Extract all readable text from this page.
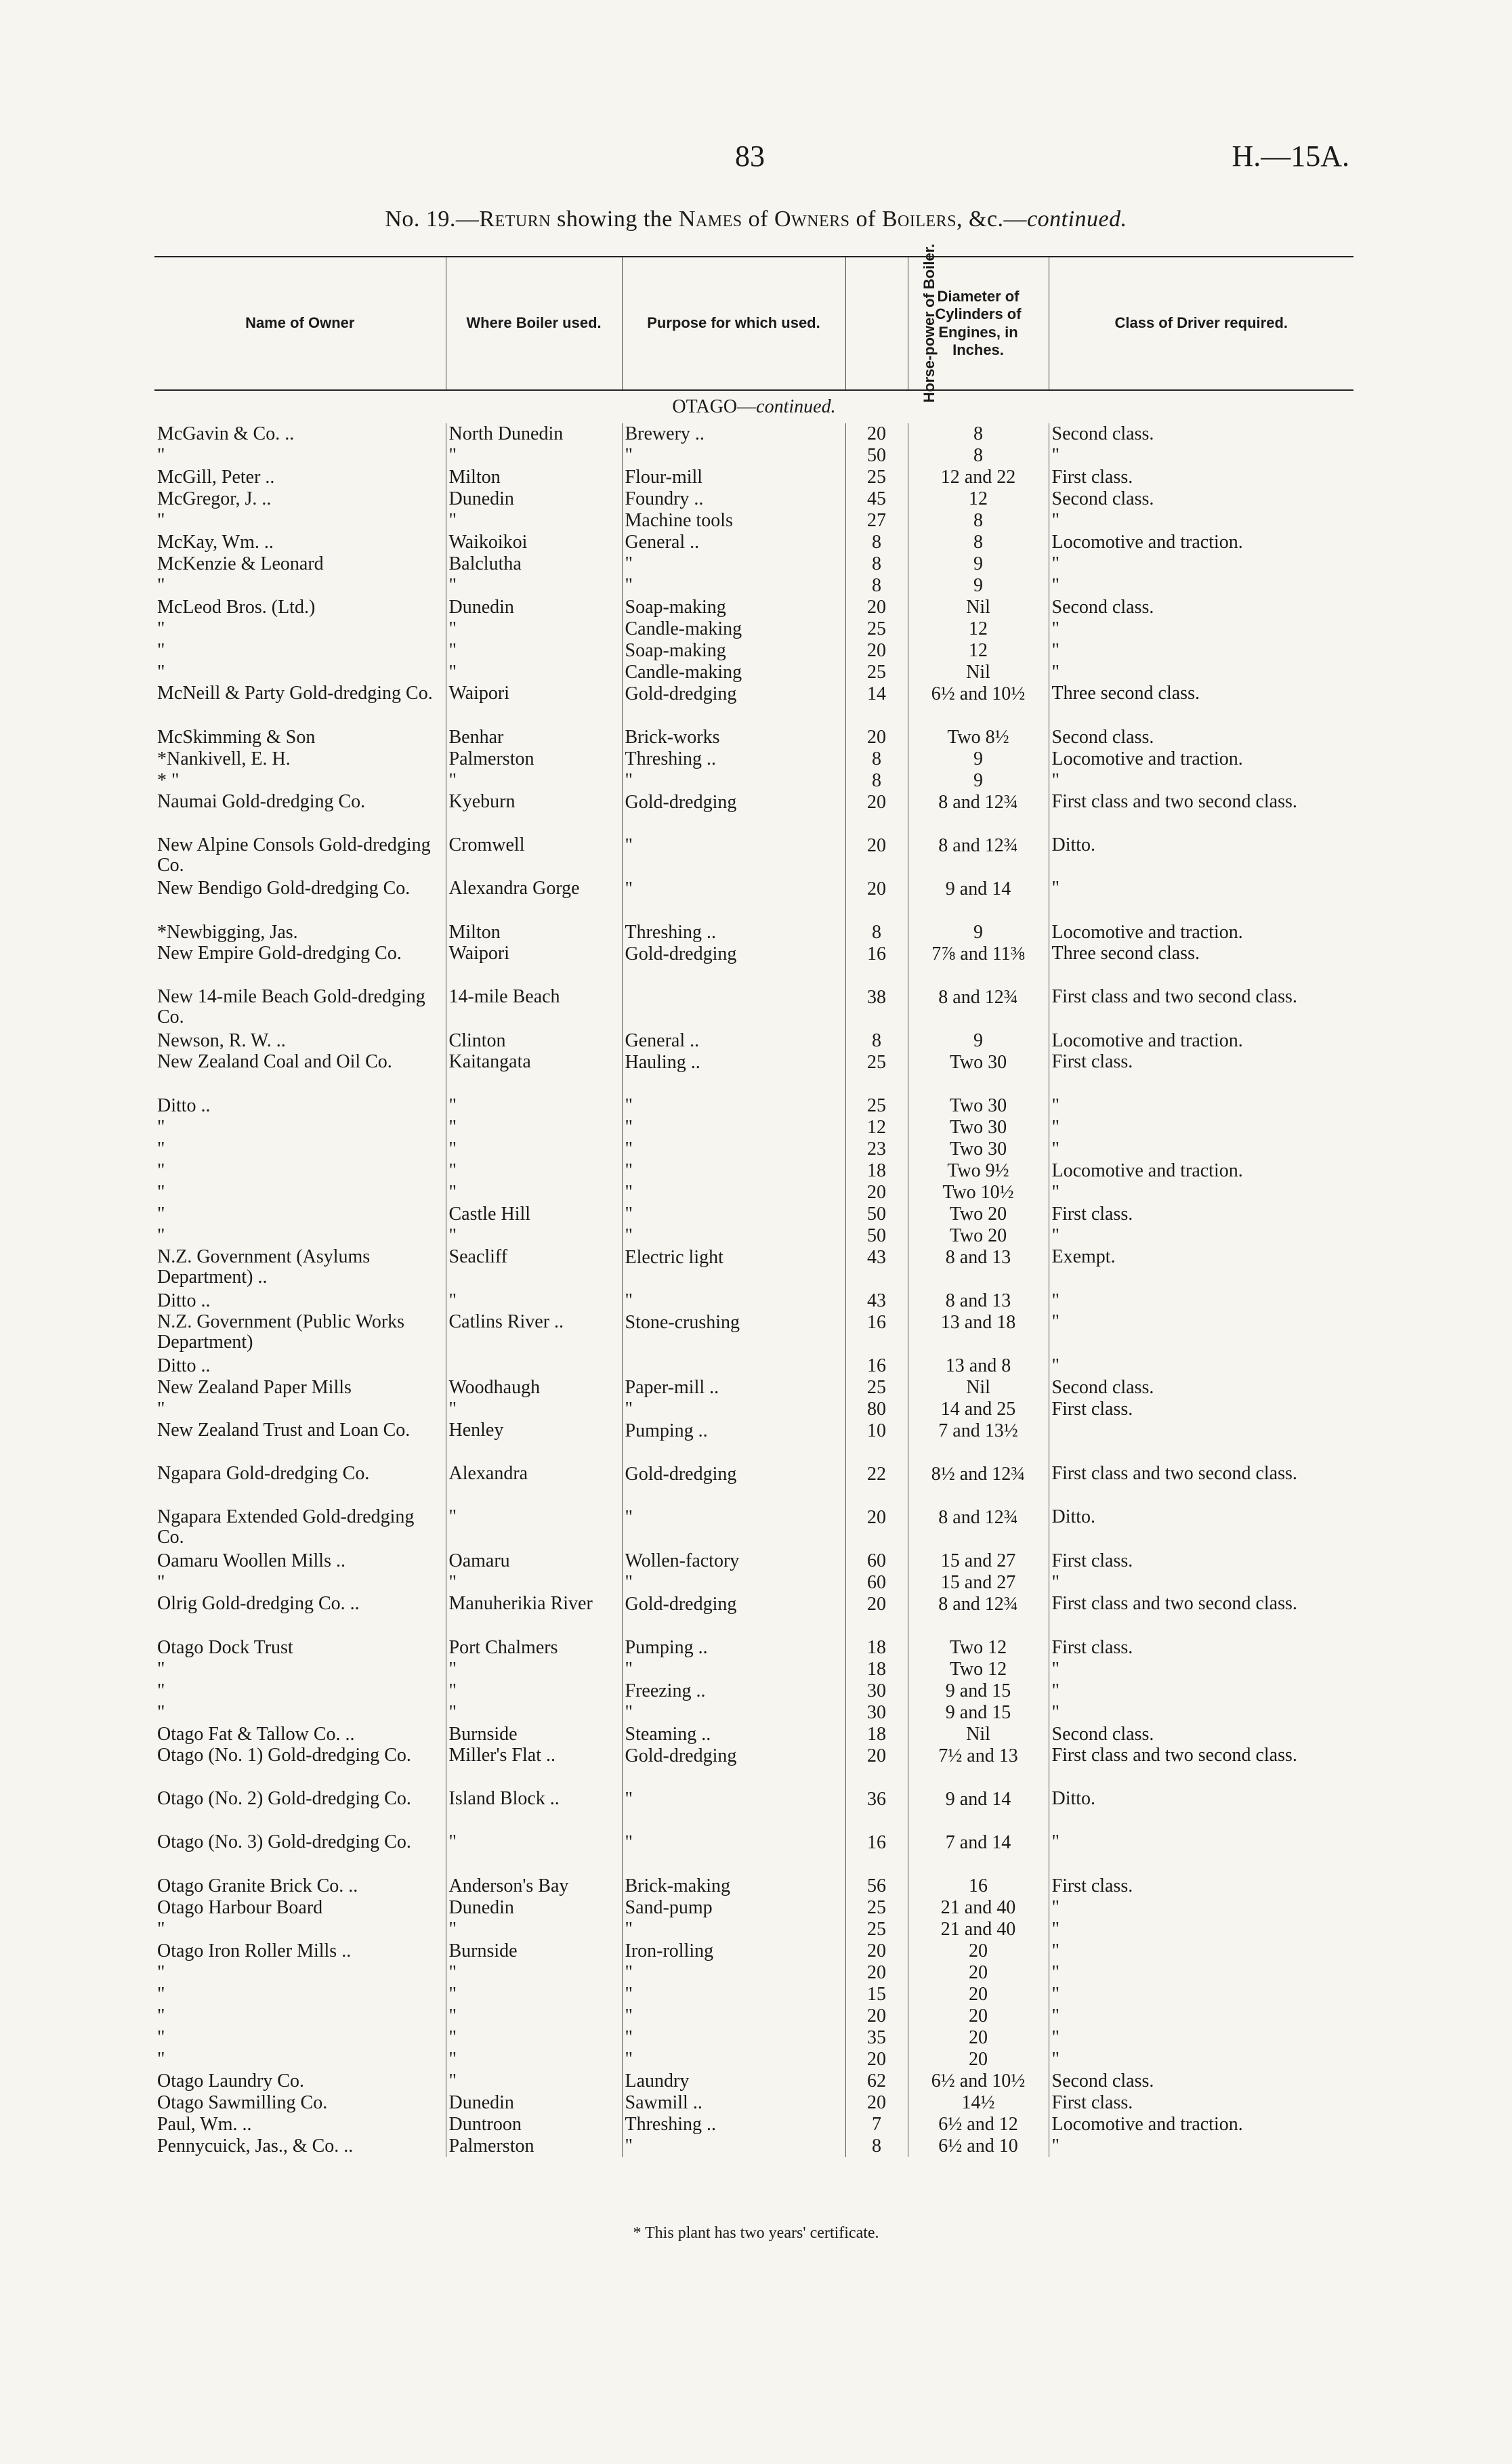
83	H.—15A.
No. 19.—Return showing the Names of Owners of Boilers, &c.—continued.
Name of Owner	Where Boiler used.	Purpose for which used.	Horse-power of Boiler.	Diameter of Cylinders of Engines, in Inches.	Class of Driver required.
OTAGO—continued.					
McGavin & Co. ..	North Dunedin	Brewery ..	20	8	Second class.
"	"	"	50	8	"
McGill, Peter ..	Milton	Flour-mill	25	12 and 22	First class.
McGregor, J. ..	Dunedin	Foundry ..	45	12	Second class.
"	"	Machine tools	27	8	"
McKay, Wm. ..	Waikoikoi	General ..	8	8	Locomotive and traction.
McKenzie & Leonard	Balclutha	"	8	9	"
"	"	"	8	9	"
McLeod Bros. (Ltd.)	Dunedin	Soap-making	20	Nil	Second class.
"	"	Candle-making	25	12	"
"	"	Soap-making	20	12	"
"	"	Candle-making	25	Nil	"
McNeill & Party Gold-dredging Co.	Waipori	Gold-dredging	14	6½ and 10½	Three second class.
McSkimming & Son	Benhar	Brick-works	20	Two 8½	Second class.
*Nankivell, E. H.	Palmerston	Threshing ..	8	9	Locomotive and traction.
* "	"	"	8	9	"
Naumai Gold-dredging Co.	Kyeburn	Gold-dredging	20	8 and 12¾	First class and two second class.
New Alpine Consols Gold-dredging Co.	Cromwell	"	20	8 and 12¾	Ditto.
New Bendigo Gold-dredging Co.	Alexandra Gorge	"	20	9 and 14	"
*Newbigging, Jas.	Milton	Threshing ..	8	9	Locomotive and traction.
New Empire Gold-dredging Co.	Waipori	Gold-dredging	16	7⅞ and 11⅜	Three second class.
New 14-mile Beach Gold-dredging Co.	14-mile Beach		38	8 and 12¾	First class and two second class.
Newson, R. W. ..	Clinton	General ..	8	9	Locomotive and traction.
New Zealand Coal and Oil Co.	Kaitangata	Hauling ..	25	Two 30	First class.
Ditto ..	"	"	25	Two 30	"
"	"	"	12	Two 30	"
"	"	"	23	Two 30	"
"	"	"	18	Two 9½	Locomotive and traction.
"	"	"	20	Two 10½	"
"	Castle Hill	"	50	Two 20	First class.
"	"	"	50	Two 20	"
N.Z. Government (Asylums Department) ..	Seacliff	Electric light	43	8 and 13	Exempt.
Ditto ..	"	"	43	8 and 13	"
N.Z. Government (Public Works Department)	Catlins River ..	Stone-crushing	16	13 and 18	"
Ditto ..			16	13 and 8	"
New Zealand Paper Mills	Woodhaugh	Paper-mill ..	25	Nil	Second class.
"	"	"	80	14 and 25	First class.
New Zealand Trust and Loan Co.	Henley	Pumping ..	10	7 and 13½	
Ngapara Gold-dredging Co.	Alexandra	Gold-dredging	22	8½ and 12¾	First class and two second class.
Ngapara Extended Gold-dredging Co.	"	"	20	8 and 12¾	Ditto.
Oamaru Woollen Mills ..	Oamaru	Wollen-factory	60	15 and 27	First class.
"	"	"	60	15 and 27	"
Olrig Gold-dredging Co. ..	Manuherikia River	Gold-dredging	20	8 and 12¾	First class and two second class.
Otago Dock Trust	Port Chalmers	Pumping ..	18	Two 12	First class.
"	"	"	18	Two 12	"
"	"	Freezing ..	30	9 and 15	"
"	"	"	30	9 and 15	"
Otago Fat & Tallow Co. ..	Burnside	Steaming ..	18	Nil	Second class.
Otago (No. 1) Gold-dredging Co.	Miller's Flat ..	Gold-dredging	20	7½ and 13	First class and two second class.
Otago (No. 2) Gold-dredging Co.	Island Block ..	"	36	9 and 14	Ditto.
Otago (No. 3) Gold-dredging Co.	"	"	16	7 and 14	"
Otago Granite Brick Co. ..	Anderson's Bay	Brick-making	56	16	First class.
Otago Harbour Board	Dunedin	Sand-pump	25	21 and 40	"
"	"	"	25	21 and 40	"
Otago Iron Roller Mills ..	Burnside	Iron-rolling	20	20	"
"	"	"	20	20	"
"	"	"	15	20	"
"	"	"	20	20	"
"	"	"	35	20	"
"	"	"	20	20	"
Otago Laundry Co.	"	Laundry	62	6½ and 10½	Second class.
Otago Sawmilling Co.	Dunedin	Sawmill ..	20	14½	First class.
Paul, Wm. ..	Duntroon	Threshing ..	7	6½ and 12	Locomotive and traction.
Pennycuick, Jas., & Co. ..	Palmerston	"	8	6½ and 10	"
* This plant has two years' certificate.
